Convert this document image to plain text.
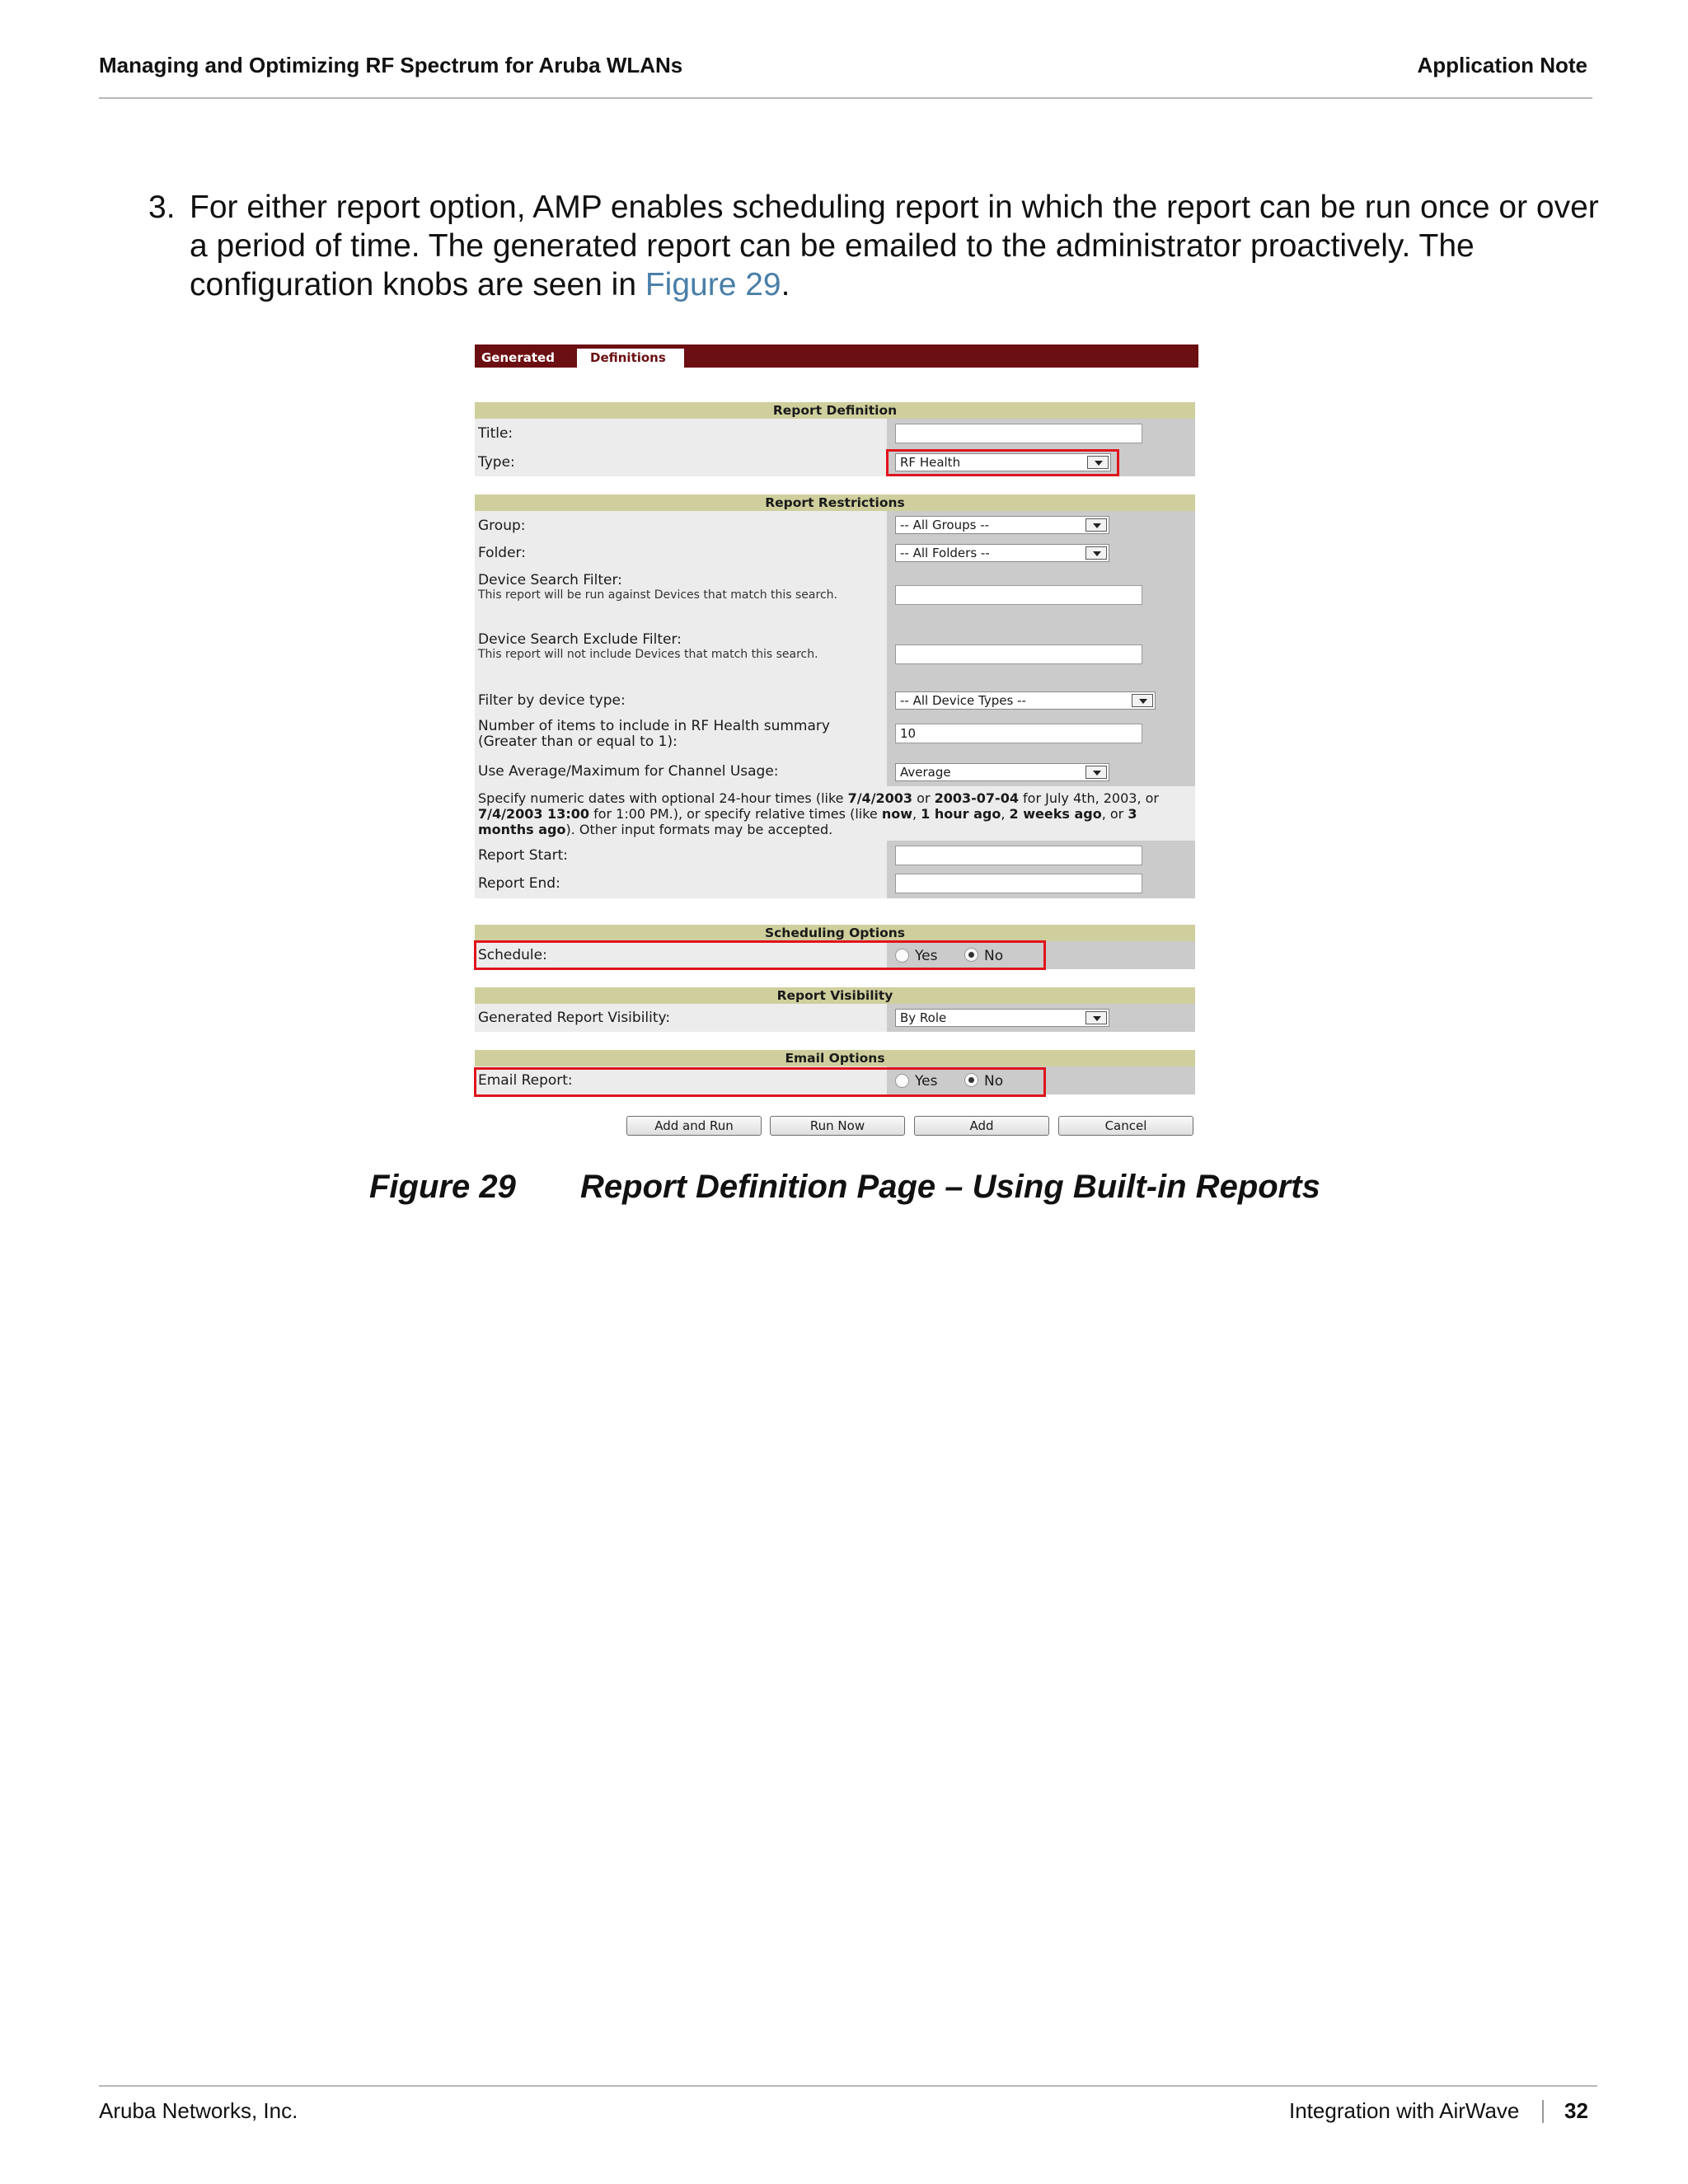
Managing and Optimizing RF Spectrum for Aruba WLANs	Application Note
3. For either report option, AMP enables scheduling report in which the report can be run once or over a period of time. The generated report can be emailed to the administrator proactively. The configuration knobs are seen in Figure 29.
Generated	Definitions
Report Definition
Title:
Type:	RF Health
Report Restrictions
Group:	-- All Groups --
Folder:	-- All Folders --
Device Search Filter:
This report will be run against Devices that match this search.
Device Search Exclude Filter:
This report will not include Devices that match this search.
Filter by device type:	-- All Device Types --
Number of items to include in RF Health summary
(Greater than or equal to 1):	10
Use Average/Maximum for Channel Usage:	Average
Specify numeric dates with optional 24-hour times (like 7/4/2003 or 2003-07-04 for July 4th, 2003, or 7/4/2003 13:00 for 1:00 PM.), or specify relative times (like now, 1 hour ago, 2 weeks ago, or 3 months ago). Other input formats may be accepted.
Report Start:
Report End:
Scheduling Options
Schedule:	Yes	No
Report Visibility
Generated Report Visibility:	By Role
Email Options
Email Report:	Yes	No
Add and Run	Run Now	Add	Cancel
Figure 29 Report Definition Page – Using Built-in Reports
Aruba Networks, Inc.	Integration with AirWave 32
